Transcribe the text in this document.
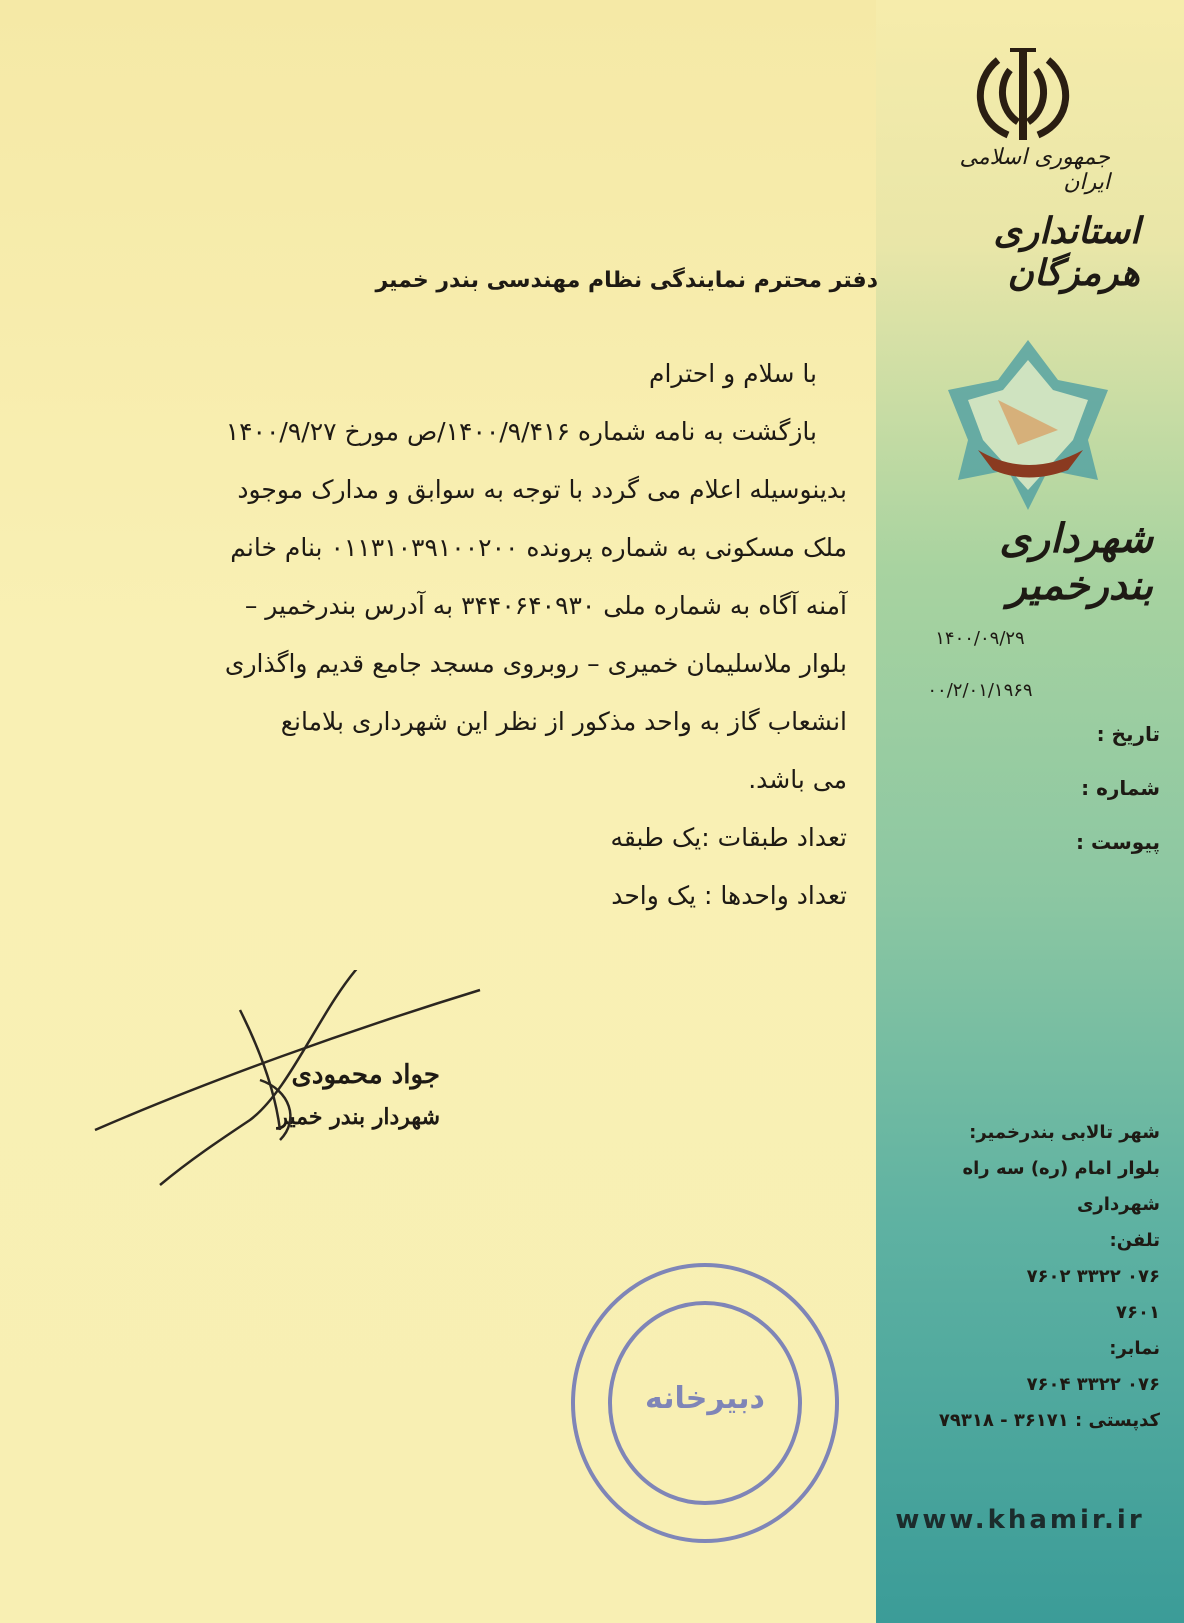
جمهوری اسلامی ایران
استانداری هرمزگان
دفتر محترم نمایندگی نظام مهندسی بندر خمیر
شهرداری بندرخمیر
۱۴۰۰/۰۹/۲۹
۰۰/۲/۰۱/۱۹۶۹
تاریخ :
شماره :
پیوست :

با سلام و احترام

بازگشت به نامه شماره ۱۴۰۰/۹/۴۱۶/ص مورخ ۱۴۰۰/۹/۲۷

بدینوسیله اعلام می گردد با توجه به سوابق و مدارک موجود

ملک مسکونی به شماره پرونده ۰۱۱۳۱۰۳۹۱۰۰۲۰۰ بنام خانم

آمنه آگاه به شماره ملی ۳۴۴۰۶۴۰۹۳۰ به آدرس بندرخمیر –

بلوار ملاسلیمان خمیری – روبروی مسجد جامع قدیم واگذاری

انشعاب گاز به واحد مذکور از نظر این شهرداری بلامانع

می باشد.

تعداد طبقات :یک طبقه

تعداد واحدها : یک واحد

جواد محمودی
شهردار بندر خمیر
دبیرخانه
شهر تالابی بندرخمیر:
بلوار امام (ره) سه راه شهرداری
تلفن:
۰۷۶ ۳۳۲۲ ۷۶۰۲
۷۶۰۱
نمابر:
۰۷۶ ۳۳۲۲ ۷۶۰۴
کدپستی : ۳۶۱۷۱ - ۷۹۳۱۸
www.khamir.ir
